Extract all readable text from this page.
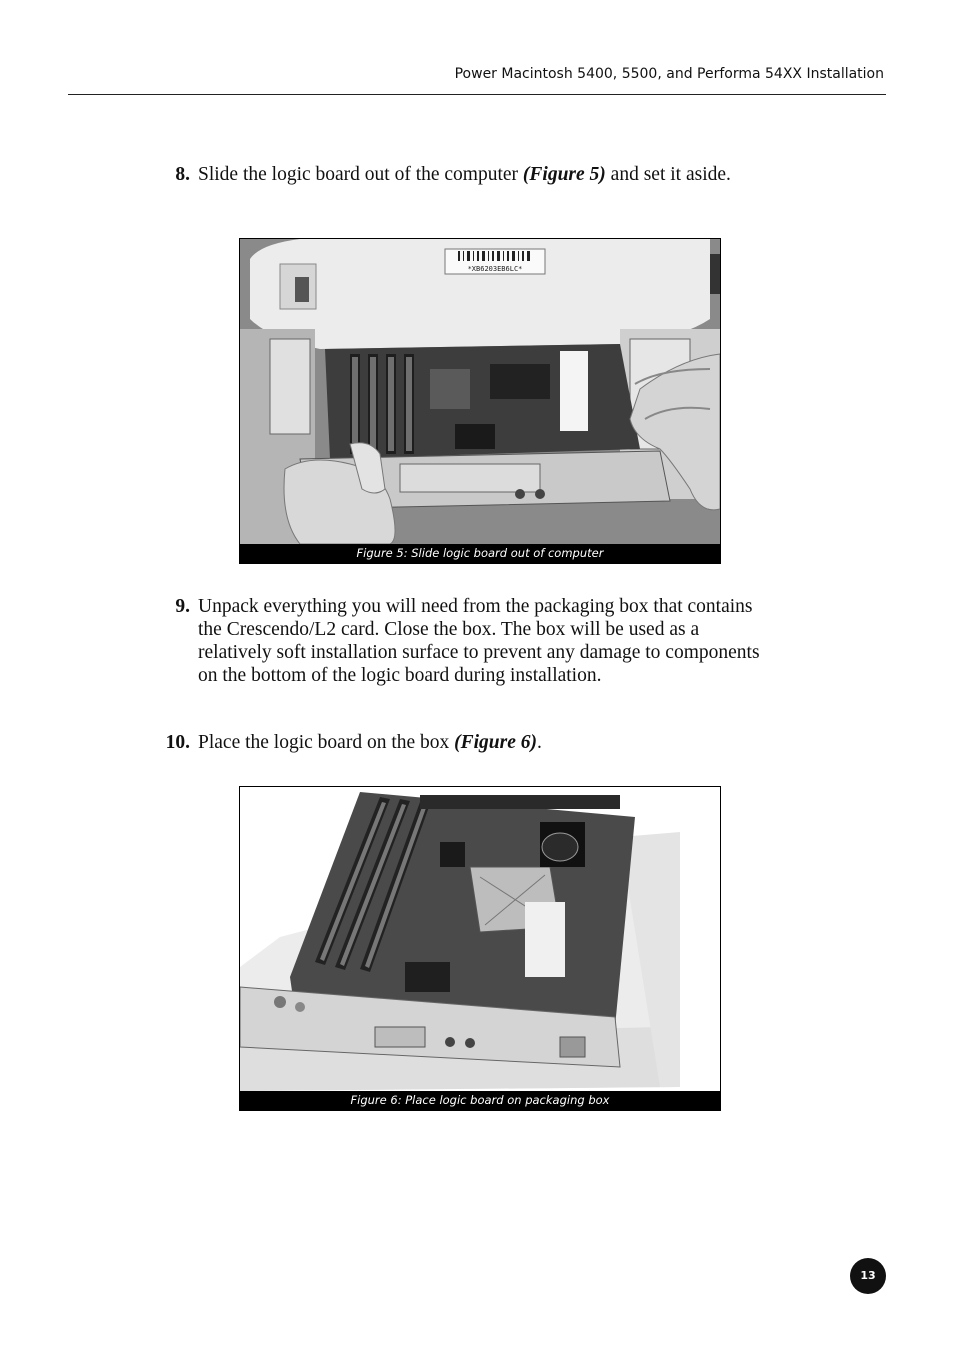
Power Macintosh 5400, 5500, and Performa 54XX Installation
8. Slide the logic board out of the computer (Figure 5) and set it aside.
*XB6203EB6LC*
Figure 5: Slide logic board out of computer
9. Unpack everything you will need from the packaging box that contains the Crescendo/L2 card. Close the box. The box will be used as a relatively soft installation surface to prevent any damage to components on the bottom of the logic board during installation.
10. Place the logic board on the box (Figure 6).
Figure 6: Place logic board on packaging box
13
